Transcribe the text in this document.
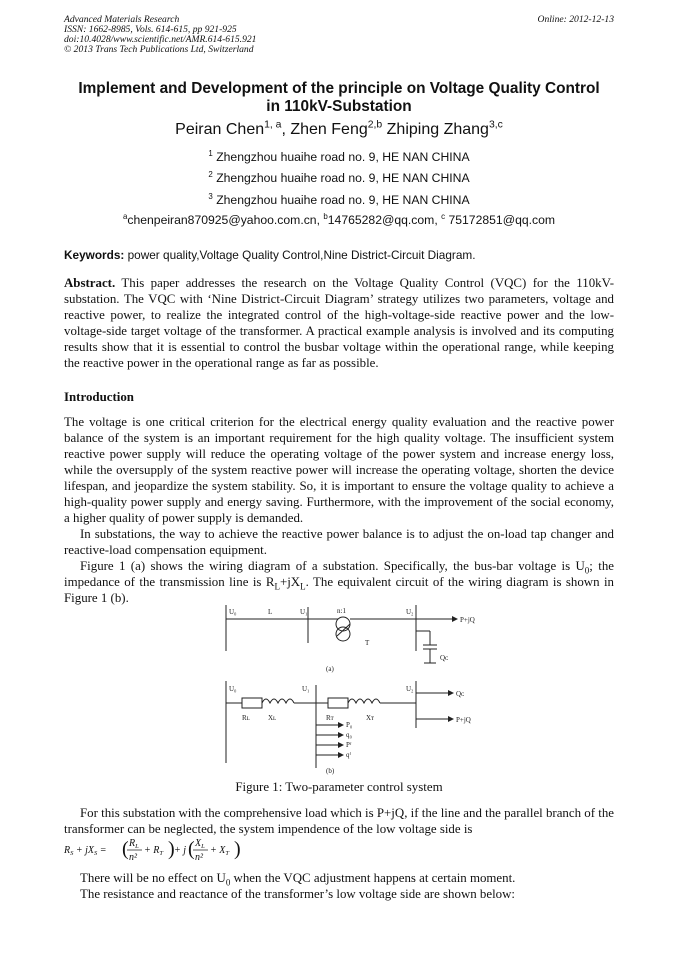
Advanced Materials Research
ISSN: 1662-8985, Vols. 614-615, pp 921-925
doi:10.4028/www.scientific.net/AMR.614-615.921
© 2013 Trans Tech Publications Ltd, Switzerland
Online: 2012-12-13
Implement and Development of the principle on Voltage Quality Control
in 110kV-Substation
Peiran Chen$^{1, a}$, Zhen Feng$^{2,b}$ Zhiping Zhang$^{3,c}$
$^1$ Zhengzhou huaihe road no. 9, HE NAN CHINA
$^2$ Zhengzhou huaihe road no. 9, HE NAN CHINA
$^3$ Zhengzhou huaihe road no. 9, HE NAN CHINA
$^a$chenpeiran870925@yahoo.com.cn, $^b$14765282@qq.com, $^c$ 75172851@qq.com
Keywords: power quality,Voltage Quality Control,Nine District-Circuit Diagram.
Abstract. This paper addresses the research on the Voltage Quality Control (VQC) for the 110kV-substation. The VQC with ‘Nine District-Circuit Diagram’ strategy utilizes two parameters, voltage and reactive power, to realize the integrated control of the high-voltage-side reactive power and the low-voltage-side target voltage of the transformer. A practical example analysis is involved and its computing results show that it is essential to control the busbar voltage within the operational range, while keeping the reactive power in the operational range as far as possible.
Introduction
The voltage is one critical criterion for the electrical energy quality evaluation and the reactive power balance of the system is an important requirement for the high quality voltage. The insufficient system reactive power supply will reduce the operating voltage of the power system and increase energy loss, while the oversupply of the system reactive power will increase the operating voltage, shorten the device lifespan, and jeopardize the system stability. So, it is important to ensure the voltage quality to achieve a high-quality power supply and energy saving. Furthermore, with the improvement of the social economy, a higher quality of power supply is demanded.
In substations, the way to achieve the reactive power balance is to adjust the on-load tap changer and reactive-load compensation equipment.
Figure 1 (a) shows the wiring diagram of a substation. Specifically, the bus-bar voltage is $U_0$; the impedance of the transmission line is $R_L+jX_L$. The equivalent circuit of the wiring diagram is shown in Figure 1 (b).
U₀	L	U₁	n:1	U₂
P+jQ
T
Qᴄ
(a)
U₀	U₁	U₂
Qᴄ
P+jQ
Rʟ	Xʟ	Rᴛ	Xᴛ
P₀
q₀
Pᶠ
qᶠ
(b)
Figure 1: Two-parameter control system
For this substation with the comprehensive load which is P+jQ, if the line and the parallel branch of the transformer can be neglected, the system impendence of the low voltage side is
$R_S + jX_S$ = ( $R_L$
n²
+ $R_T$ ) + j ( $X_L$
n²
+ $X_T$ )
There will be no effect on $U_0$ when the VQC adjustment happens at certain moment.
The resistance and reactance of the transformer’s low voltage side are shown below:
